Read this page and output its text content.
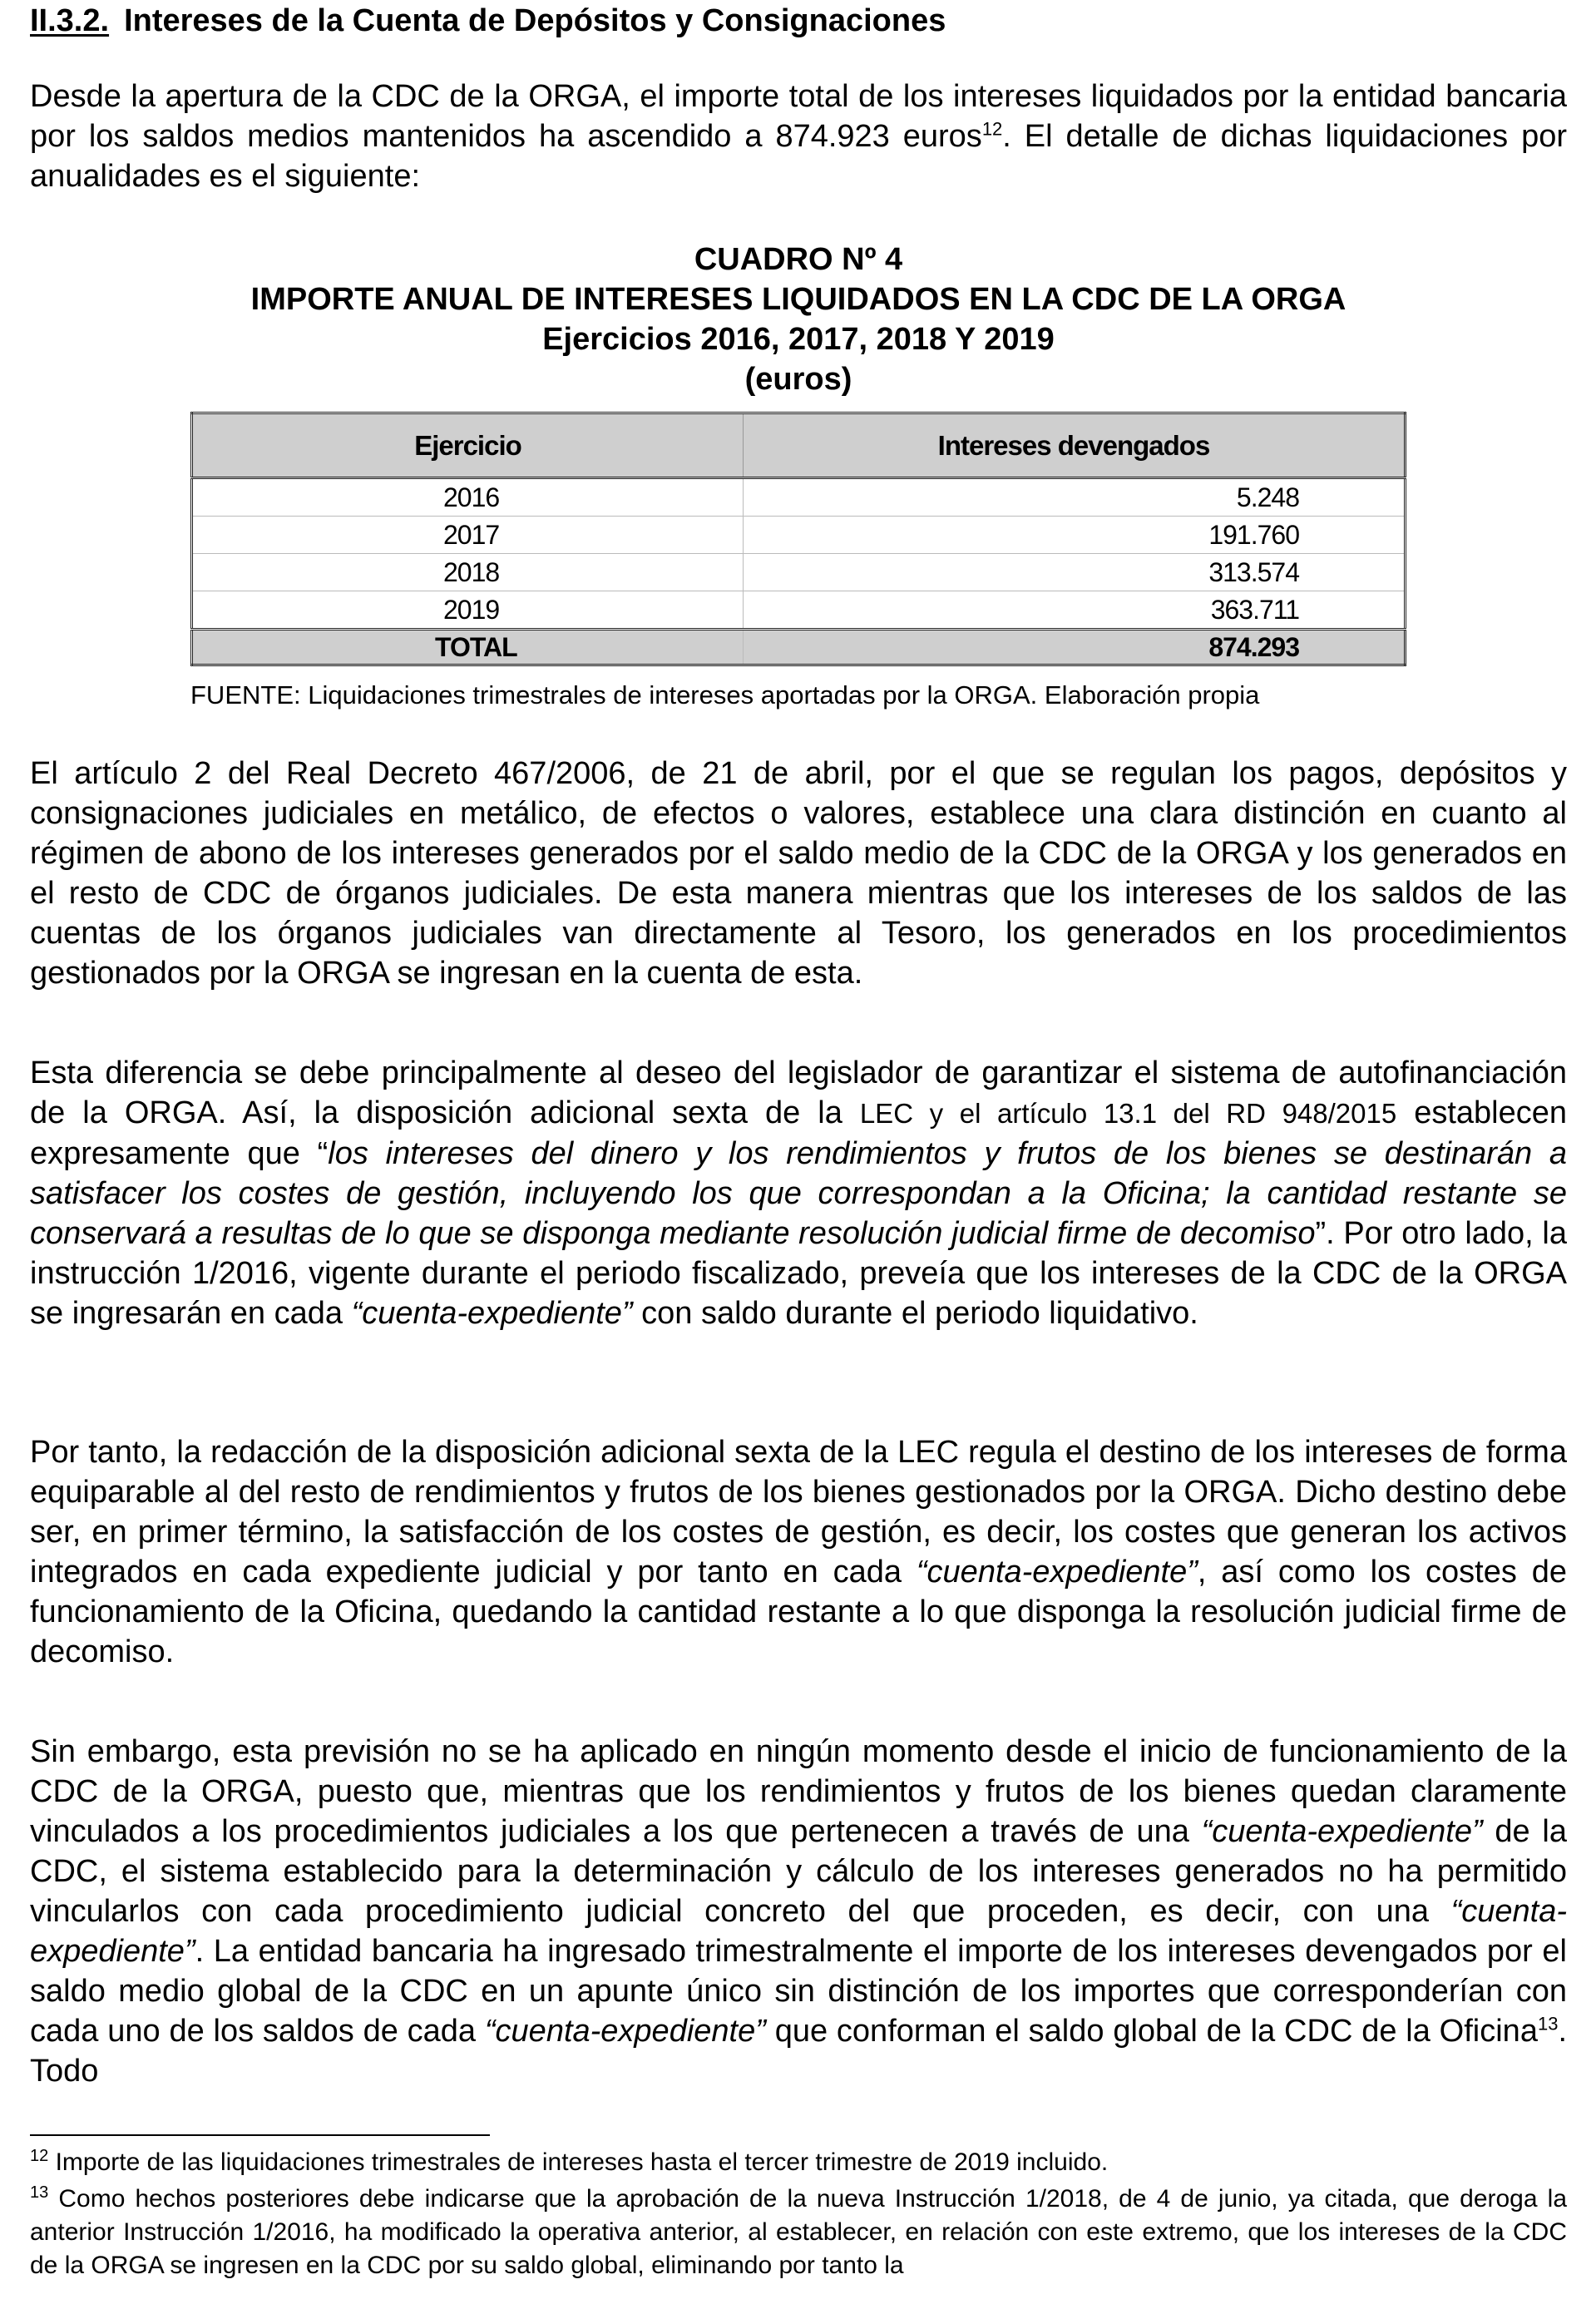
II.3.2. Intereses de la Cuenta de Depósitos y Consignaciones

Desde la apertura de la CDC de la ORGA, el importe total de los intereses liquidados por la entidad bancaria por los saldos medios mantenidos ha ascendido a 874.923 euros$^{12}$. El detalle de dichas liquidaciones por anualidades es el siguiente:

CUADRO Nº 4
IMPORTE ANUAL DE INTERESES LIQUIDADOS EN LA CDC DE LA ORGA
Ejercicios 2016, 2017, 2018 Y 2019
(euros)
Ejercicio	Intereses devengados
2016	5.248
2017	191.760
2018	313.574
2019	363.711
TOTAL	874.293
FUENTE: Liquidaciones trimestrales de intereses aportadas por la ORGA. Elaboración propia

El artículo 2 del Real Decreto 467/2006, de 21 de abril, por el que se regulan los pagos, depósitos y consignaciones judiciales en metálico, de efectos o valores, establece una clara distinción en cuanto al régimen de abono de los intereses generados por el saldo medio de la CDC de la ORGA y los generados en el resto de CDC de órganos judiciales. De esta manera mientras que los intereses de los saldos de las cuentas de los órganos judiciales van directamente al Tesoro, los generados en los procedimientos gestionados por la ORGA se ingresan en la cuenta de esta.

Esta diferencia se debe principalmente al deseo del legislador de garantizar el sistema de autofinanciación de la ORGA. Así, la disposición adicional sexta de la LEC y el artículo 13.1 del RD 948/2015 establecen expresamente que “los intereses del dinero y los rendimientos y frutos de los bienes se destinarán a satisfacer los costes de gestión, incluyendo los que correspondan a la Oficina; la cantidad restante se conservará a resultas de lo que se disponga mediante resolución judicial firme de decomiso”. Por otro lado, la instrucción 1/2016, vigente durante el periodo fiscalizado, preveía que los intereses de la CDC de la ORGA se ingresarán en cada “cuenta-expediente” con saldo durante el periodo liquidativo.

Por tanto, la redacción de la disposición adicional sexta de la LEC regula el destino de los intereses de forma equiparable al del resto de rendimientos y frutos de los bienes gestionados por la ORGA. Dicho destino debe ser, en primer término, la satisfacción de los costes de gestión, es decir, los costes que generan los activos integrados en cada expediente judicial y por tanto en cada “cuenta-expediente”, así como los costes de funcionamiento de la Oficina, quedando la cantidad restante a lo que disponga la resolución judicial firme de decomiso.

Sin embargo, esta previsión no se ha aplicado en ningún momento desde el inicio de funcionamiento de la CDC de la ORGA, puesto que, mientras que los rendimientos y frutos de los bienes quedan claramente vinculados a los procedimientos judiciales a los que pertenecen a través de una “cuenta-expediente” de la CDC, el sistema establecido para la determinación y cálculo de los intereses generados no ha permitido vincularlos con cada procedimiento judicial concreto del que proceden, es decir, con una “cuenta-expediente”. La entidad bancaria ha ingresado trimestralmente el importe de los intereses devengados por el saldo medio global de la CDC en un apunte único sin distinción de los importes que corresponderían con cada uno de los saldos de cada “cuenta-expediente” que conforman el saldo global de la CDC de la Oficina$^{13}$. Todo

$^{12}$ Importe de las liquidaciones trimestrales de intereses hasta el tercer trimestre de 2019 incluido.

$^{13}$ Como hechos posteriores debe indicarse que la aprobación de la nueva Instrucción 1/2018, de 4 de junio, ya citada, que deroga la anterior Instrucción 1/2016, ha modificado la operativa anterior, al establecer, en relación con este extremo, que los intereses de la CDC de la ORGA se ingresen en la CDC por su saldo global, eliminando por tanto la
